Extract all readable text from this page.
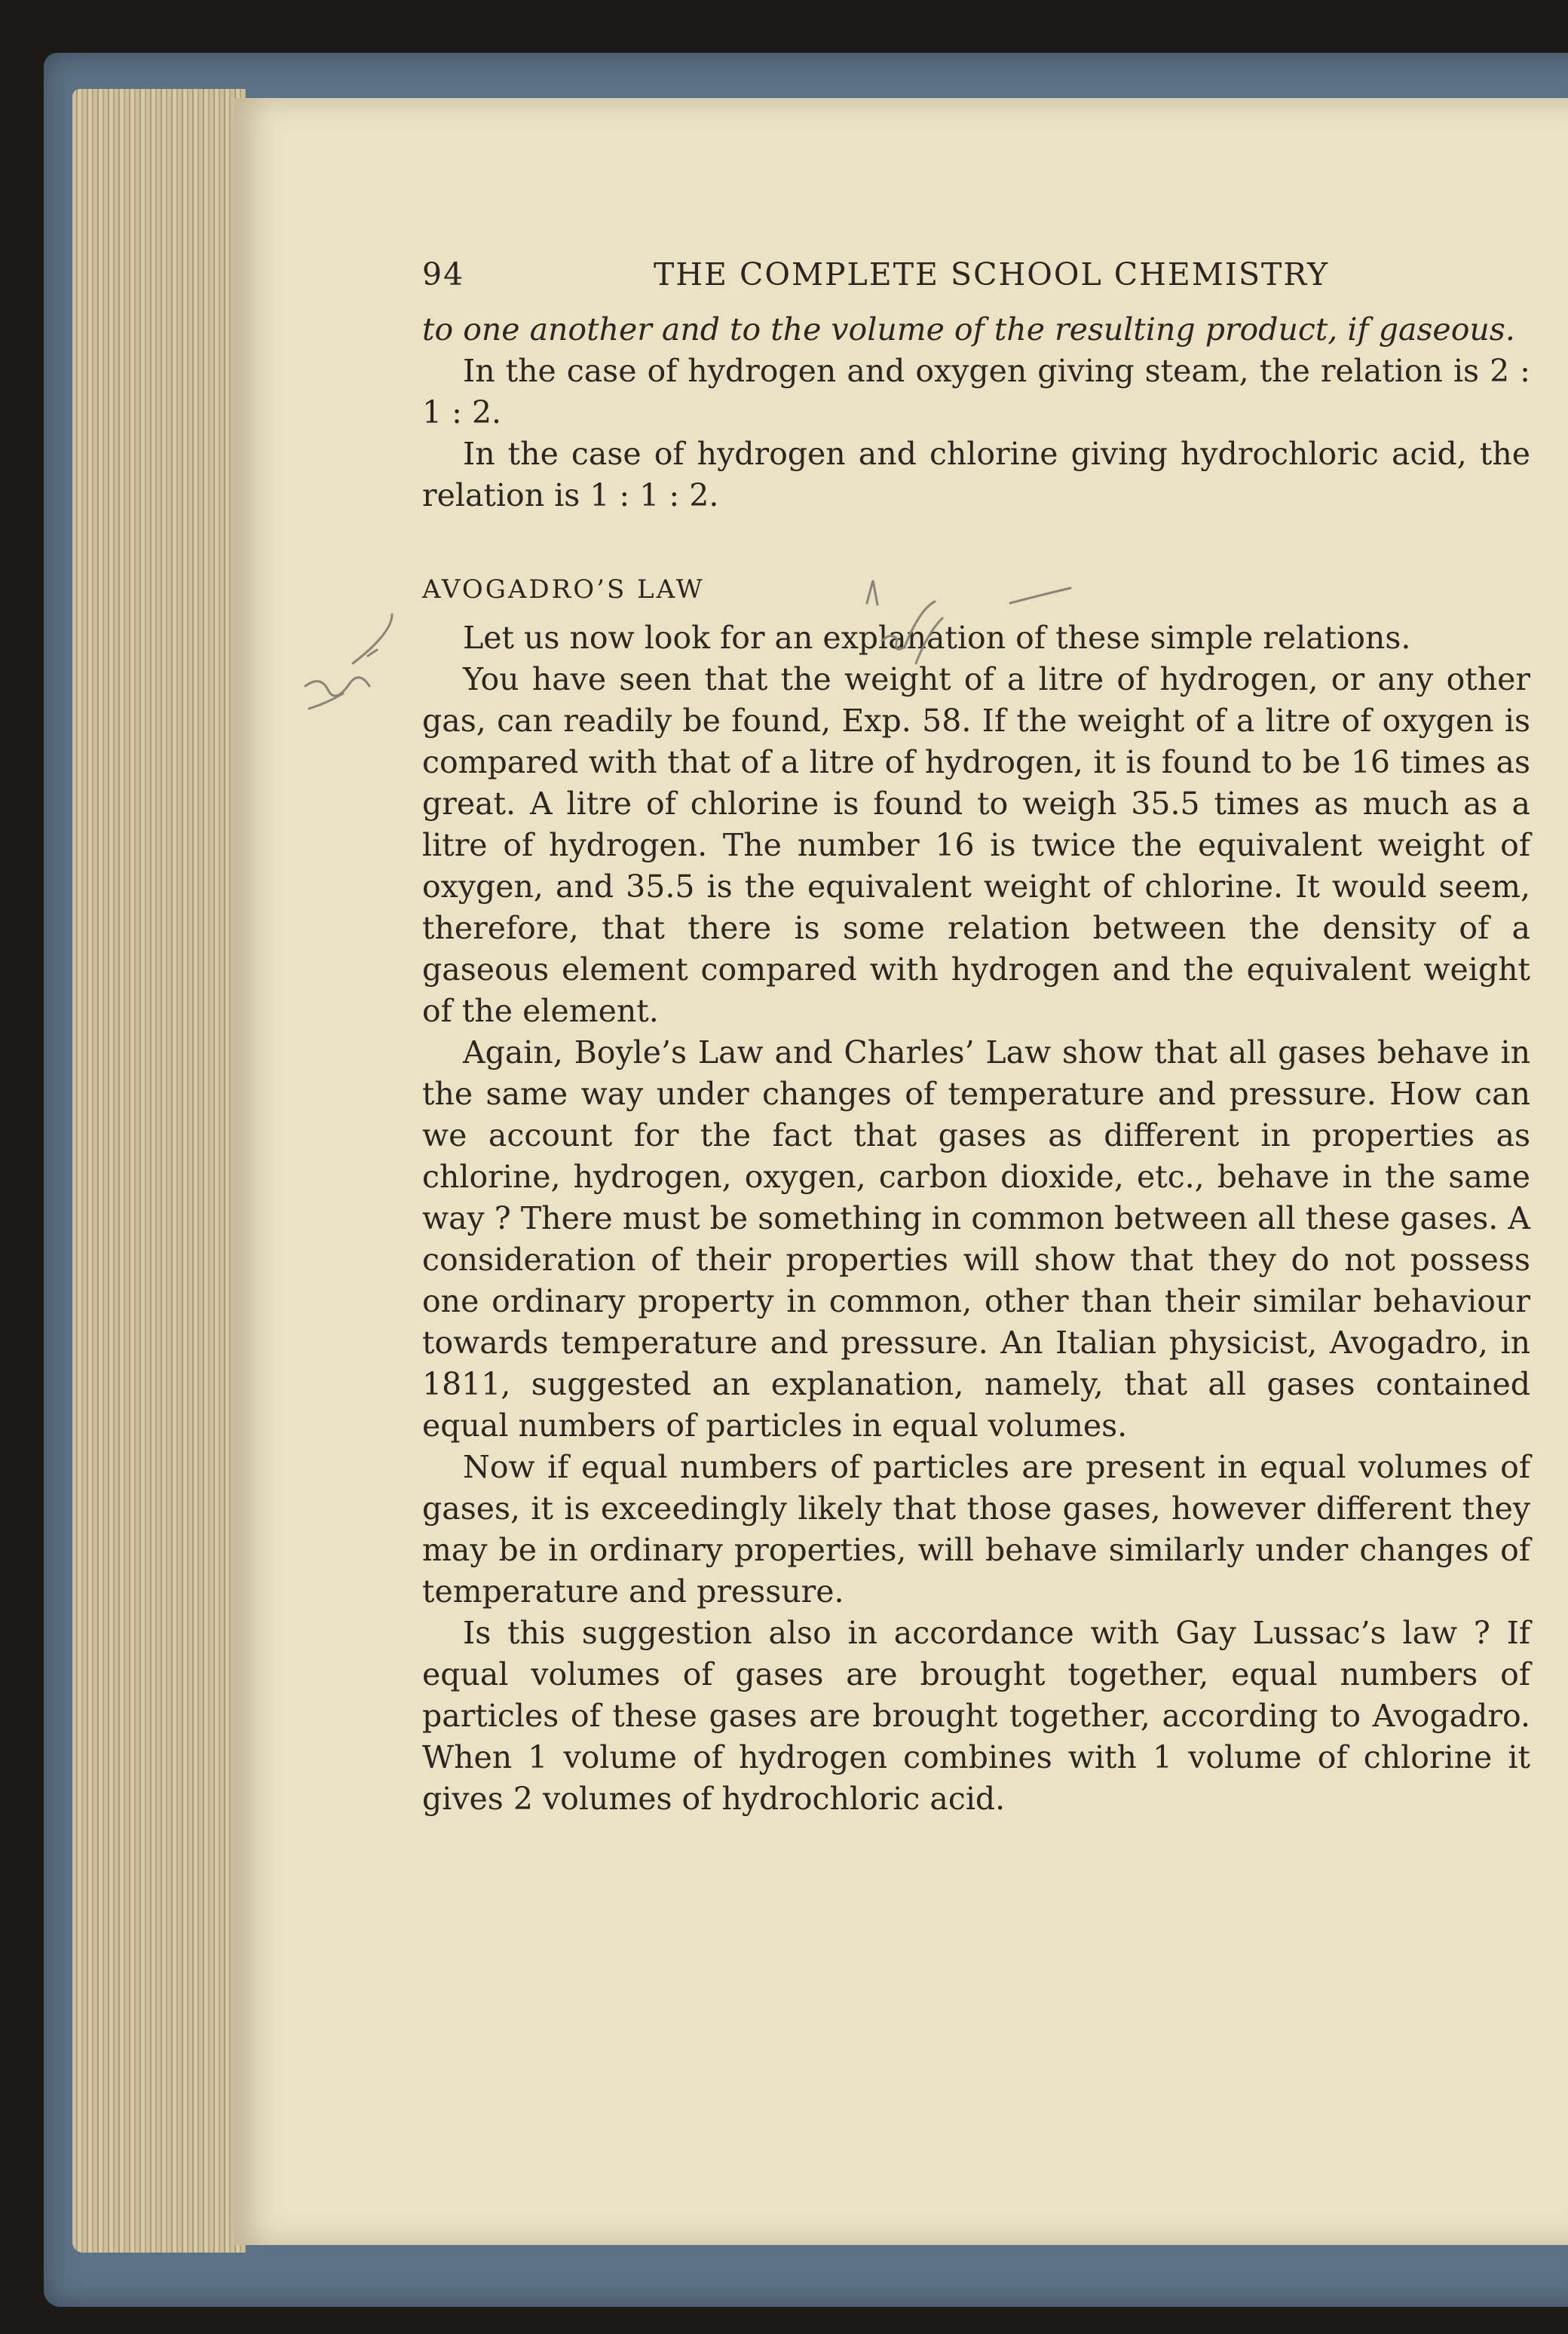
94	THE COMPLETE SCHOOL CHEMISTRY

to one another and to the volume of the resulting product, if gaseous.

In the case of hydrogen and oxygen giving steam, the relation is 2 : 1 : 2.

In the case of hydrogen and chlorine giving hydrochloric acid, the relation is 1 : 1 : 2.

AVOGADRO’S LAW

Let us now look for an explanation of these simple relations.

You have seen that the weight of a litre of hydrogen, or any other gas, can readily be found, Exp. 58. If the weight of a litre of oxygen is compared with that of a litre of hydrogen, it is found to be 16 times as great. A litre of chlorine is found to weigh 35.5 times as much as a litre of hydrogen. The number 16 is twice the equivalent weight of oxygen, and 35.5 is the equivalent weight of chlorine. It would seem, therefore, that there is some relation between the density of a gaseous element compared with hydrogen and the equivalent weight of the element.

Again, Boyle’s Law and Charles’ Law show that all gases behave in the same way under changes of temperature and pressure. How can we account for the fact that gases as different in properties as chlorine, hydrogen, oxygen, carbon dioxide, etc., behave in the same way ? There must be something in common between all these gases. A consideration of their properties will show that they do not possess one ordinary property in common, other than their similar behaviour towards temperature and pressure. An Italian physicist, Avogadro, in 1811, suggested an explanation, namely, that all gases contained equal numbers of particles in equal volumes.

Now if equal numbers of particles are present in equal volumes of gases, it is exceedingly likely that those gases, however different they may be in ordinary properties, will behave similarly under changes of temperature and pressure.

Is this suggestion also in accordance with Gay Lussac’s law ? If equal volumes of gases are brought together, equal numbers of particles of these gases are brought together, according to Avogadro. When 1 volume of hydrogen combines with 1 volume of chlorine it gives 2 volumes of hydrochloric acid.
